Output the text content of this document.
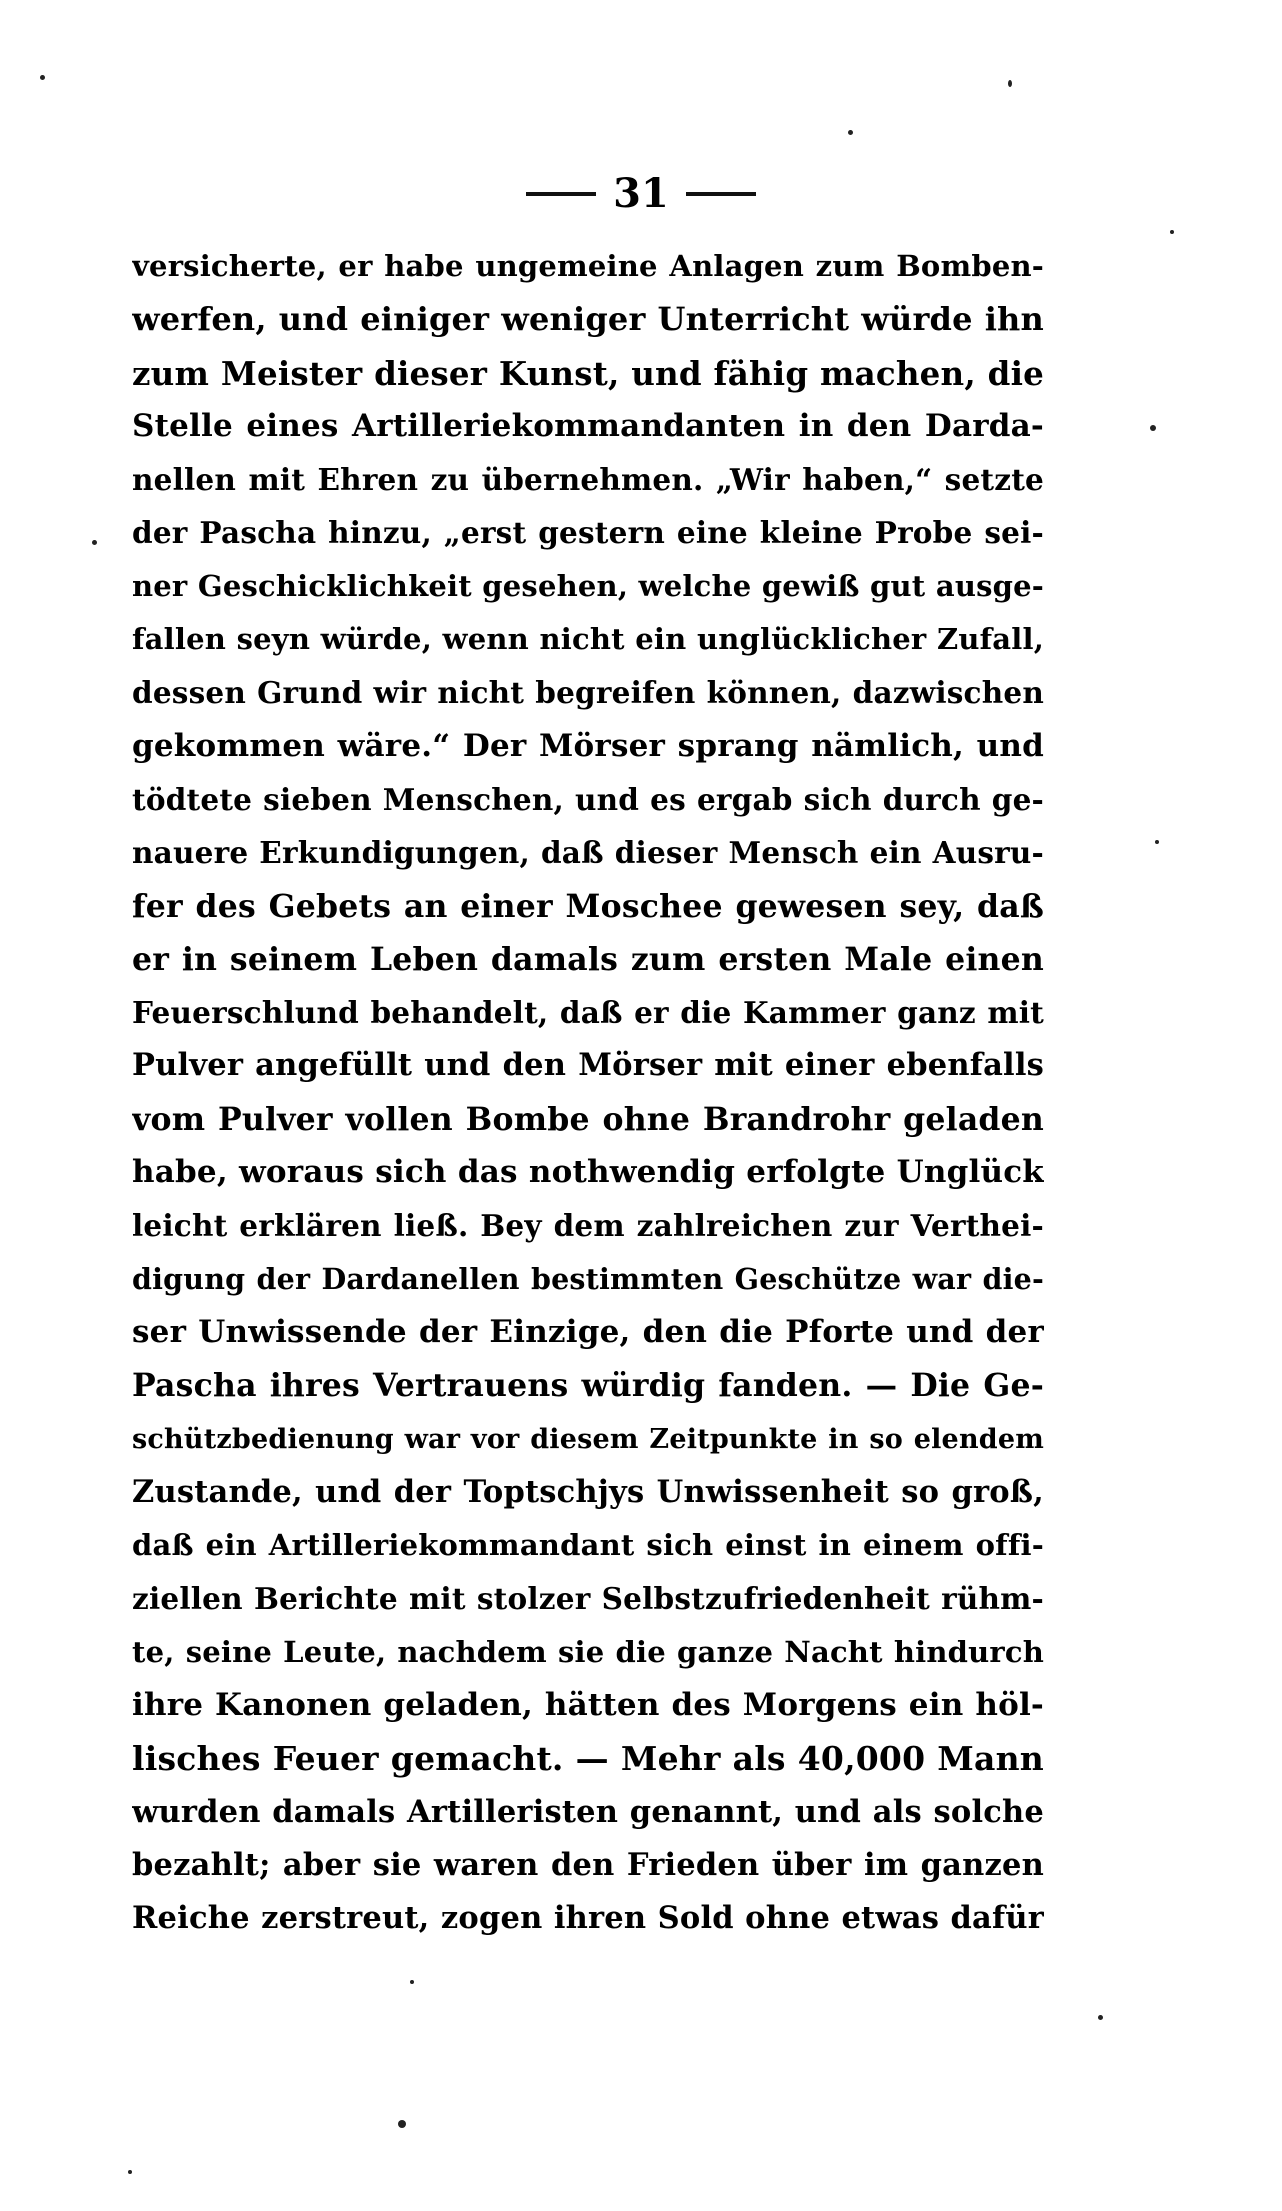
31
versicherte, er habe ungemeine Anlagen zum Bomben-
werfen, und einiger weniger Unterricht würde ihn
zum Meister dieser Kunst, und fähig machen, die
Stelle eines Artilleriekommandanten in den Darda-
nellen mit Ehren zu übernehmen. „Wir haben,“ setzte
der Pascha hinzu, „erst gestern eine kleine Probe sei-
ner Geschicklichkeit gesehen, welche gewiß gut ausge-
fallen seyn würde, wenn nicht ein unglücklicher Zufall,
dessen Grund wir nicht begreifen können, dazwischen
gekommen wäre.“ Der Mörser sprang nämlich, und
tödtete sieben Menschen, und es ergab sich durch ge-
nauere Erkundigungen, daß dieser Mensch ein Ausru-
fer des Gebets an einer Moschee gewesen sey, daß
er in seinem Leben damals zum ersten Male einen
Feuerschlund behandelt, daß er die Kammer ganz mit
Pulver angefüllt und den Mörser mit einer ebenfalls
vom Pulver vollen Bombe ohne Brandrohr geladen
habe, woraus sich das nothwendig erfolgte Unglück
leicht erklären ließ. Bey dem zahlreichen zur Verthei-
digung der Dardanellen bestimmten Geschütze war die-
ser Unwissende der Einzige, den die Pforte und der
Pascha ihres Vertrauens würdig fanden. — Die Ge-
schützbedienung war vor diesem Zeitpunkte in so elendem
Zustande, und der Toptschjys Unwissenheit so groß,
daß ein Artilleriekommandant sich einst in einem offi-
ziellen Berichte mit stolzer Selbstzufriedenheit rühm-
te, seine Leute, nachdem sie die ganze Nacht hindurch
ihre Kanonen geladen, hätten des Morgens ein höl-
lisches Feuer gemacht. — Mehr als 40,000 Mann
wurden damals Artilleristen genannt, und als solche
bezahlt; aber sie waren den Frieden über im ganzen
Reiche zerstreut, zogen ihren Sold ohne etwas dafür
